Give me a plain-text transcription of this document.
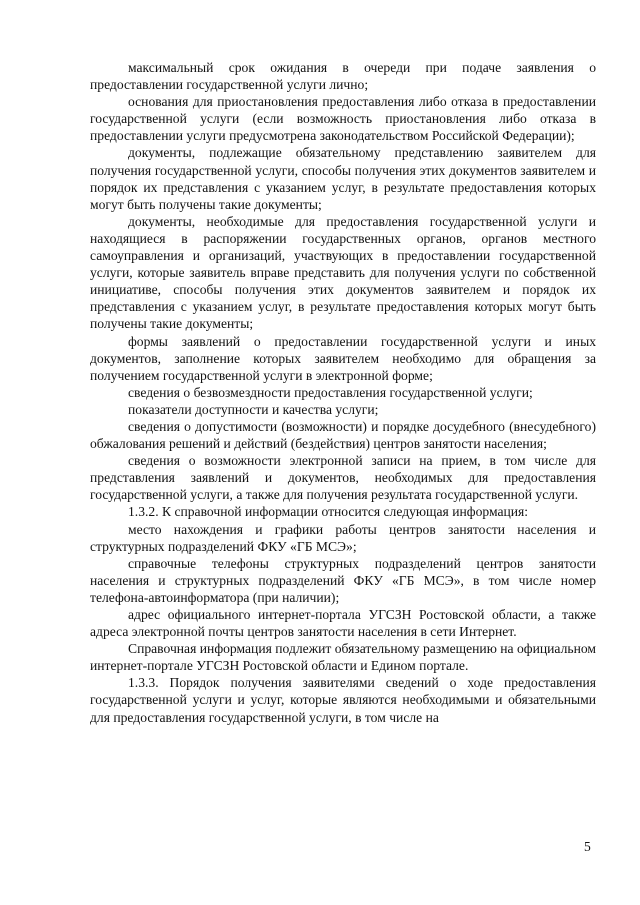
максимальный срок ожидания в очереди при подаче заявления о предоставлении государственной услуги лично;

основания для приостановления предоставления либо отказа в предоставлении государственной услуги (если возможность приостановления либо отказа в предоставлении услуги предусмотрена законодательством Российской Федерации);

документы, подлежащие обязательному представлению заявителем для получения государственной услуги, способы получения этих документов заявителем и порядок их представления с указанием услуг, в результате предоставления которых могут быть получены такие документы;

документы, необходимые для предоставления государственной услуги и находящиеся в распоряжении государственных органов, органов местного самоуправления и организаций, участвующих в предоставлении государственной услуги, которые заявитель вправе представить для получения услуги по собственной инициативе, способы получения этих документов заявителем и порядок их представления с указанием услуг, в результате предоставления которых могут быть получены такие документы;

формы заявлений о предоставлении государственной услуги и иных документов, заполнение которых заявителем необходимо для обращения за получением государственной услуги в электронной форме;

сведения о безвозмездности предоставления государственной услуги;

показатели доступности и качества услуги;

сведения о допустимости (возможности) и порядке досудебного (внесудебного) обжалования решений и действий (бездействия) центров занятости населения;

сведения о возможности электронной записи на прием, в том числе для представления заявлений и документов, необходимых для предоставления государственной услуги, а также для получения результата государственной услуги.

1.3.2. К справочной информации относится следующая информация:

место нахождения и графики работы центров занятости населения и структурных подразделений ФКУ «ГБ МСЭ»;

справочные телефоны структурных подразделений центров занятости населения и структурных подразделений ФКУ «ГБ МСЭ», в том числе номер телефона-автоинформатора (при наличии);

адрес официального интернет-портала УГСЗН Ростовской области, а также адреса электронной почты центров занятости населения в сети Интернет.

Справочная информация подлежит обязательному размещению на официальном интернет-портале УГСЗН Ростовской области и Едином портале.

1.3.3. Порядок получения заявителями сведений о ходе предоставления государственной услуги и услуг, которые являются необходимыми и обязательными для предоставления государственной услуги, в том числе на

5
